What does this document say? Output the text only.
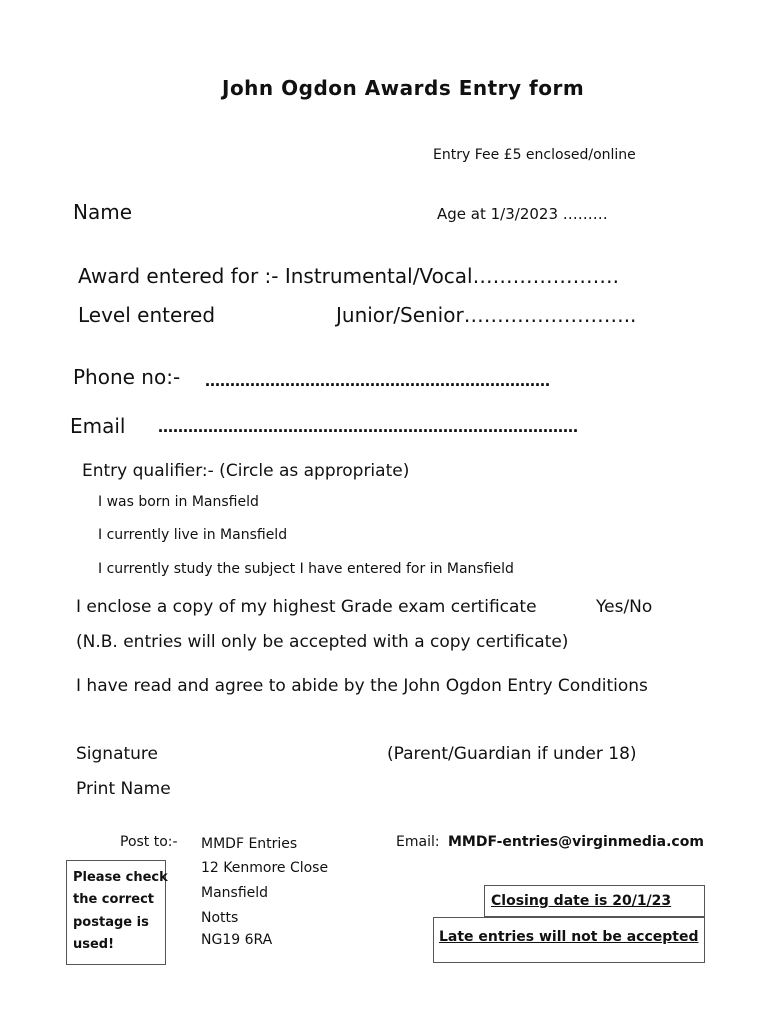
John Ogdon Awards Entry form
Entry Fee £5 enclosed/online
Name	Age at 1/3/2023 ………
Award entered for :- Instrumental/Vocal………………….
Level entered	Junior/Senior……………………..
Phone no:- ……………………………………………………………
Email …………………………………………………………………………
Entry qualifier:- (Circle as appropriate)
I was born in Mansfield
I currently live in Mansfield
I currently study the subject I have entered for in Mansfield
I enclose a copy of my highest Grade exam certificate	Yes/No
(N.B. entries will only be accepted with a copy certificate)
I have read and agree to abide by the John Ogdon Entry Conditions
Signature	(Parent/Guardian if under 18)
Print Name
Post to:- MMDF Entries
12 Kenmore Close
Mansfield
Notts
NG19 6RA
Email: MMDF-entries@virginmedia.com
Please check
the correct
postage is
used!
Closing date is 20/1/23
Late entries will not be accepted
